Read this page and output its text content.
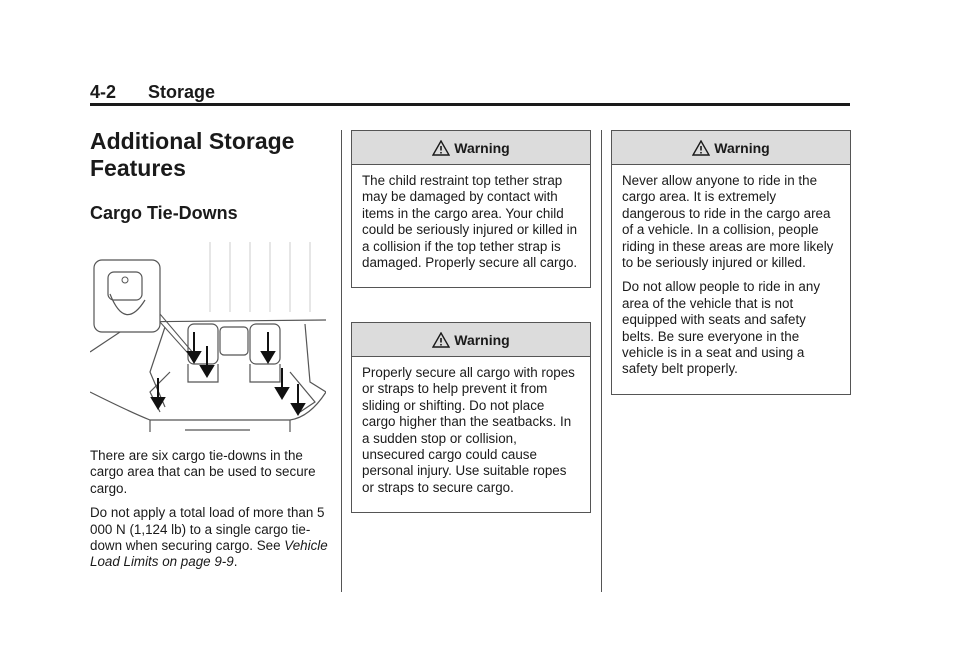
4-2 Storage
Additional Storage Features
Cargo Tie-Downs

There are six cargo tie-downs in the cargo area that can be used to secure cargo.

Do not apply a total load of more than 5 000 N (1,124 lb) to a single cargo tie-down when securing cargo. See Vehicle Load Limits on page 9-9.

Warning

The child restraint top tether strap may be damaged by contact with items in the cargo area. Your child could be seriously injured or killed in a collision if the top tether strap is damaged. Properly secure all cargo.

Warning

Properly secure all cargo with ropes or straps to help prevent it from sliding or shifting. Do not place cargo higher than the seatbacks. In a sudden stop or collision, unsecured cargo could cause personal injury. Use suitable ropes or straps to secure cargo.

Warning

Never allow anyone to ride in the cargo area. It is extremely dangerous to ride in the cargo area of a vehicle. In a collision, people riding in these areas are more likely to be seriously injured or killed.

Do not allow people to ride in any area of the vehicle that is not equipped with seats and safety belts. Be sure everyone in the vehicle is in a seat and using a safety belt properly.
